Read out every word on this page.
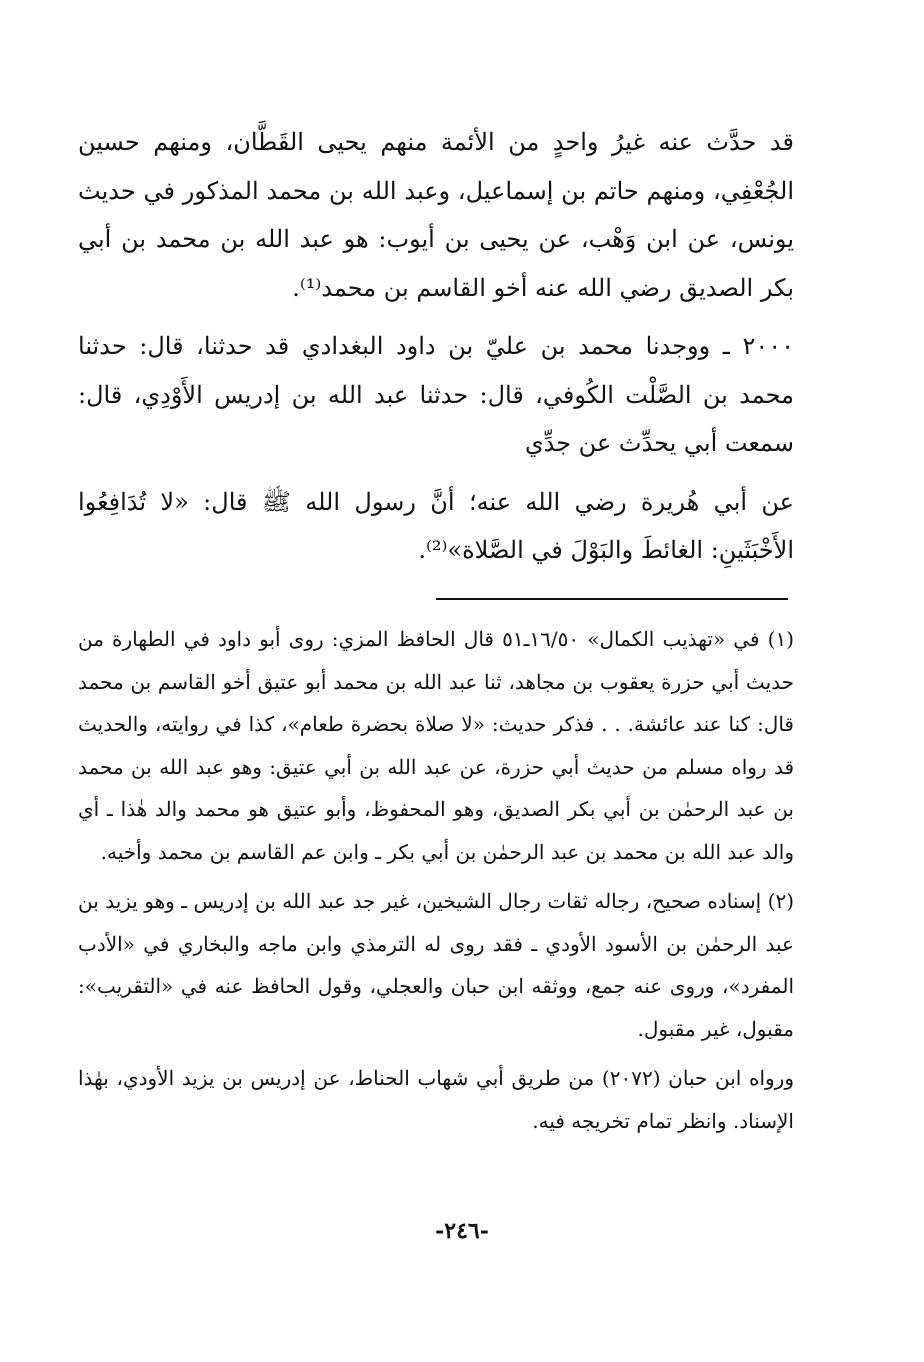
قد حدَّث عنه غيرُ واحدٍ من الأئمة منهم يحيى القَطَّان، ومنهم حسين الجُعْفِي، ومنهم حاتم بن إسماعيل، وعبد الله بن محمد المذكور في حديث يونس، عن ابن وَهْب، عن يحيى بن أيوب: هو عبد الله بن محمد بن أبي بكر الصديق رضي الله عنه أخو القاسم بن محمد⁽¹⁾.

٢٠٠٠ ـ ووجدنا محمد بن عليّ بن داود البغدادي قد حدثنا، قال: حدثنا محمد بن الصَّلْت الكُوفي، قال: حدثنا عبد الله بن إدريس الأَوْدِي، قال: سمعت أبي يحدِّث عن جدِّي

عن أبي هُريرة رضي الله عنه؛ أنَّ رسول الله ﷺ قال: «لا تُدَافِعُوا الأَخْبَثَينِ: الغائطَ والبَوْلَ في الصَّلاة»⁽²⁾.

(١) في «تهذيب الكمال» ١٦/٥٠ـ٥١ قال الحافظ المزي: روى أبو داود في الطهارة من حديث أبي حزرة يعقوب بن مجاهد، ثنا عبد الله بن محمد أبو عتيق أخو القاسم بن محمد قال: كنا عند عائشة. . . فذكر حديث: «لا صلاة بحضرة طعام»، كذا في روايته، والحديث قد رواه مسلم من حديث أبي حزرة، عن عبد الله بن أبي عتيق: وهو عبد الله بن محمد بن عبد الرحمٰن بن أبي بكر الصديق، وهو المحفوظ، وأبو عتيق هو محمد والد هٰذا ـ أي والد عبد الله بن محمد بن عبد الرحمٰن بن أبي بكر ـ وابن عم القاسم بن محمد وأخيه.

(٢) إسناده صحيح، رجاله ثقات رجال الشيخين، غير جد عبد الله بن إدريس ـ وهو يزيد بن عبد الرحمٰن بن الأسود الأودي ـ فقد روى له الترمذي وابن ماجه والبخاري في «الأدب المفرد»، وروى عنه جمع، ووثقه ابن حبان والعجلي، وقول الحافظ عنه في «التقريب»: مقبول، غير مقبول.

ورواه ابن حبان (٢٠٧٢) من طريق أبي شهاب الحناط، عن إدريس بن يزيد الأودي، بهٰذا الإسناد. وانظر تمام تخريجه فيه.

-٢٤٦-
